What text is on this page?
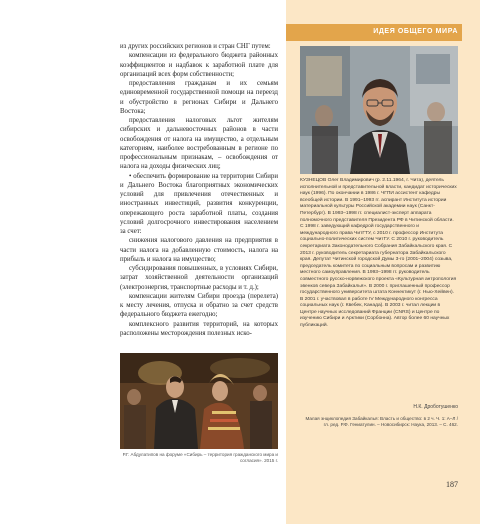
ИДЕЯ ОБЩЕГО МИРА

из других российских регионов и стран СНГ путем:

компенсации из федерального бюджета районных коэффициентов и надбавок к заработной плате для организаций всех форм собственности;

предоставления гражданам и их семьям единовременной государственной помощи на переезд и обустройство в регионах Сибири и Дальнего Востока;

предоставления налоговых льгот жителям сибирских и дальневосточных районов в части освобождения от налога на имущество, а отдельным категориям, наиболее востребованным в регионе по профессиональным признакам, – освобождения от налога на доходы физических лиц;

• обеспечить формирование на территории Сибири и Дальнего Востока благоприятных экономических условий для привлечения отечественных и иностранных инвестиций, развития конкуренции, опережающего роста заработной платы, создания условий долгосрочного инвестирования населением за счет:

снижения налогового давления на предприятия в части налога на добавленную стоимость, налога на прибыль и налога на имущество;

субсидирования повышенных, в условиях Сибири, затрат хозяйственной деятельности организаций (электроэнергия, транспортные расходы и т. д.);

компенсации жителям Сибири проезда (перелета) к месту лечения, отпуска и обратно за счет средств федерального бюджета ежегодно;

комплексного развития территорий, на которых расположены месторождения полезных иско-

Р.Г. Абдулатипов на форуме «Сибирь – территория гражданского мира и согласия». 2015 г.
КУЗНЕЦОВ Олег Владимирович (р. 2.11.1964, г. Чита), деятель исполнительной и представительной власти, кандидат исторических наук (1996). По окончании в 1986 г. ЧГПИ ассистент кафедры всеобщей истории. В 1991–1993 гг. аспирант Института истории материальной культуры Российской академии наук (Санкт-Петербург). В 1993–1998 гг. специалист-эксперт аппарата полномочного представителя Президента РФ в Читинской области. С 1998 г. заведующий кафедрой государственного и международного права ЧитГТУ, с 2010 г. профессор Института социально-политических систем ЧитГУ. С 2010 г. руководитель секретариата Законодательного Собрания Забайкальского края. С 2013 г. руководитель секретариата губернатора Забайкальского края. Депутат Читинской городской Думы 3-го (2001–2004) созыва, председатель комитета по социальным вопросам и развитию местного самоуправления. В 1993–1998 гг. руководитель совместного русско-норвежского проекта «Культурная антропология эвенков севера Забайкалья». В 2000 г. приглашенный профессор государственного университета штата Коннектикут (г. Нью-Хейвен). В 2001 г. участвовал в работе IV Международного конгресса социальных наук (г. Квебек, Канада). В 2003 г. читал лекции в Центре научных исследований Франции (CNRS) и Центре по изучению Сибири и Арктики (Сорбонна). Автор более 60 научных публикаций.
Н.К. Дроботушенко
Малая энциклопедия Забайкалья: Власть и общество: в 2 ч. Ч. 1: А–Л / гл. ред. Р.Ф. Гениатулин. – Новосибирск: Наука, 2013. – С. 462.
187
